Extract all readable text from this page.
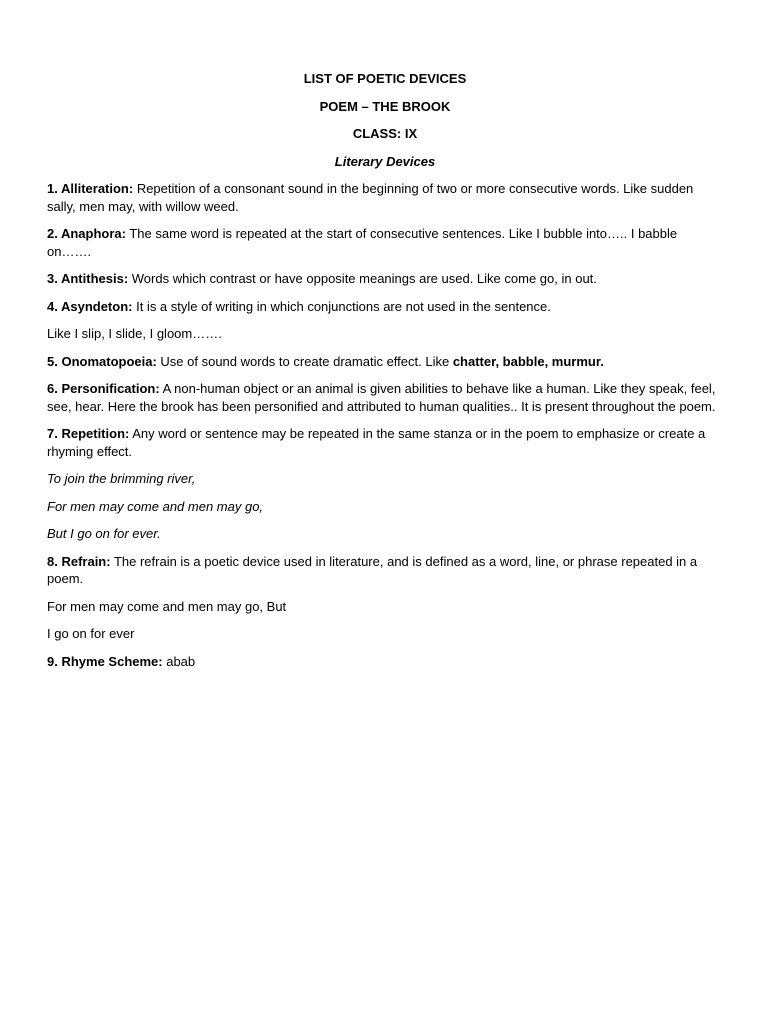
LIST OF POETIC DEVICES
POEM – THE BROOK
CLASS: IX
Literary Devices

1. Alliteration: Repetition of a consonant sound in the beginning of two or more consecutive words. Like sudden sally, men may, with willow weed.

2. Anaphora: The same word is repeated at the start of consecutive sentences. Like I bubble into….. I babble on…….

3. Antithesis: Words which contrast or have opposite meanings are used. Like come go, in out.

4. Asyndeton: It is a style of writing in which conjunctions are not used in the sentence.

Like I slip, I slide, I gloom…….

5. Onomatopoeia: Use of sound words to create dramatic effect. Like chatter, babble, murmur.

6. Personification: A non-human object or an animal is given abilities to behave like a human. Like they speak, feel, see, hear. Here the brook has been personified and attributed to human qualities.. It is present throughout the poem.

7. Repetition: Any word or sentence may be repeated in the same stanza or in the poem to emphasize or create a rhyming effect.

To join the brimming river,

For men may come and men may go,

But I go on for ever.

8. Refrain: The refrain is a poetic device used in literature, and is defined as a word, line, or phrase repeated in a poem.

For men may come and men may go, But

I go on for ever

9. Rhyme Scheme: abab
